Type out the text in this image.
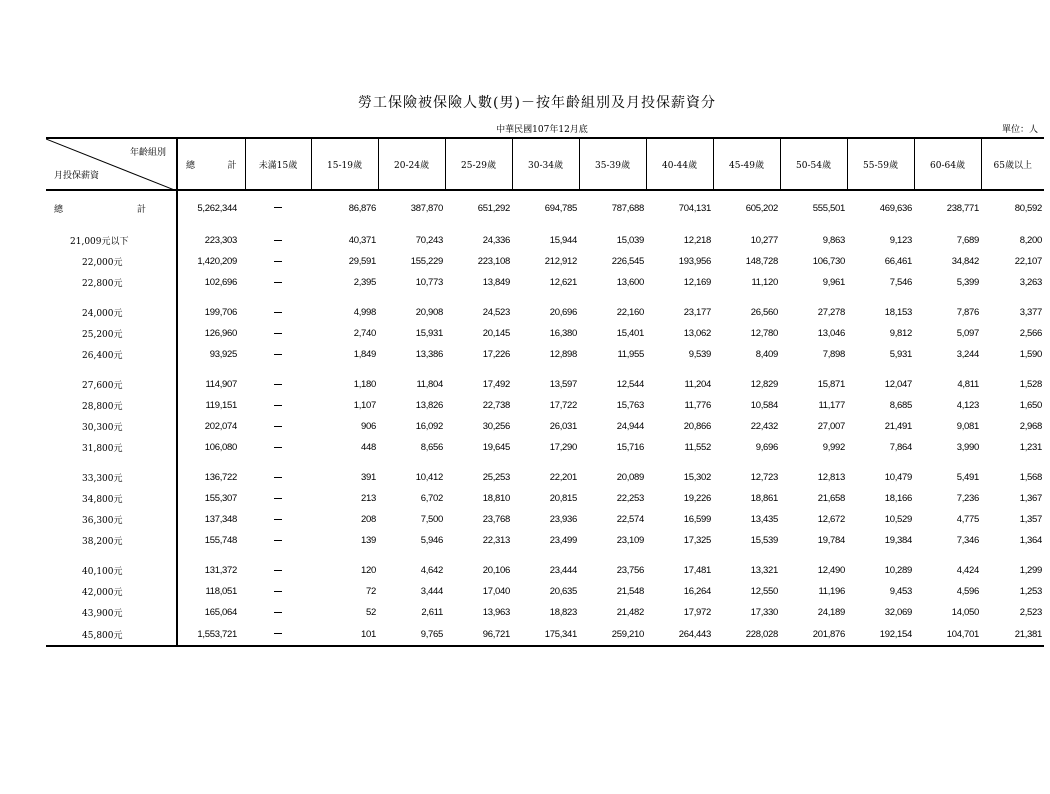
勞工保險被保險人數(男)－按年齡組別及月投保薪資分
中華民國107年12月底	單位：人
年齡組別
月投保薪資	總 計	未滿15歲	15-19歲	20-24歲	25-29歲	30-34歲	35-39歲	40-44歲	45-49歲	50-54歲	55-59歲	60-64歲	65歲以上

總 計	5,262,344		86,876	387,870	651,292	694,785	787,688	704,131	605,202	555,501	469,636	238,771	80,592
21,009元以下	223,303		40,371	70,243	24,336	15,944	15,039	12,218	10,277	9,863	9,123	7,689	8,200
22,000元	1,420,209		29,591	155,229	223,108	212,912	226,545	193,956	148,728	106,730	66,461	34,842	22,107
22,800元	102,696		2,395	10,773	13,849	12,621	13,600	12,169	11,120	9,961	7,546	5,399	3,263
24,000元	199,706		4,998	20,908	24,523	20,696	22,160	23,177	26,560	27,278	18,153	7,876	3,377
25,200元	126,960		2,740	15,931	20,145	16,380	15,401	13,062	12,780	13,046	9,812	5,097	2,566
26,400元	93,925		1,849	13,386	17,226	12,898	11,955	9,539	8,409	7,898	5,931	3,244	1,590
27,600元	114,907		1,180	11,804	17,492	13,597	12,544	11,204	12,829	15,871	12,047	4,811	1,528
28,800元	119,151		1,107	13,826	22,738	17,722	15,763	11,776	10,584	11,177	8,685	4,123	1,650
30,300元	202,074		906	16,092	30,256	26,031	24,944	20,866	22,432	27,007	21,491	9,081	2,968
31,800元	106,080		448	8,656	19,645	17,290	15,716	11,552	9,696	9,992	7,864	3,990	1,231
33,300元	136,722		391	10,412	25,253	22,201	20,089	15,302	12,723	12,813	10,479	5,491	1,568
34,800元	155,307		213	6,702	18,810	20,815	22,253	19,226	18,861	21,658	18,166	7,236	1,367
36,300元	137,348		208	7,500	23,768	23,936	22,574	16,599	13,435	12,672	10,529	4,775	1,357
38,200元	155,748		139	5,946	22,313	23,499	23,109	17,325	15,539	19,784	19,384	7,346	1,364
40,100元	131,372		120	4,642	20,106	23,444	23,756	17,481	13,321	12,490	10,289	4,424	1,299
42,000元	118,051		72	3,444	17,040	20,635	21,548	16,264	12,550	11,196	9,453	4,596	1,253
43,900元	165,064		52	2,611	13,963	18,823	21,482	17,972	17,330	24,189	32,069	14,050	2,523
45,800元	1,553,721		101	9,765	96,721	175,341	259,210	264,443	228,028	201,876	192,154	104,701	21,381
